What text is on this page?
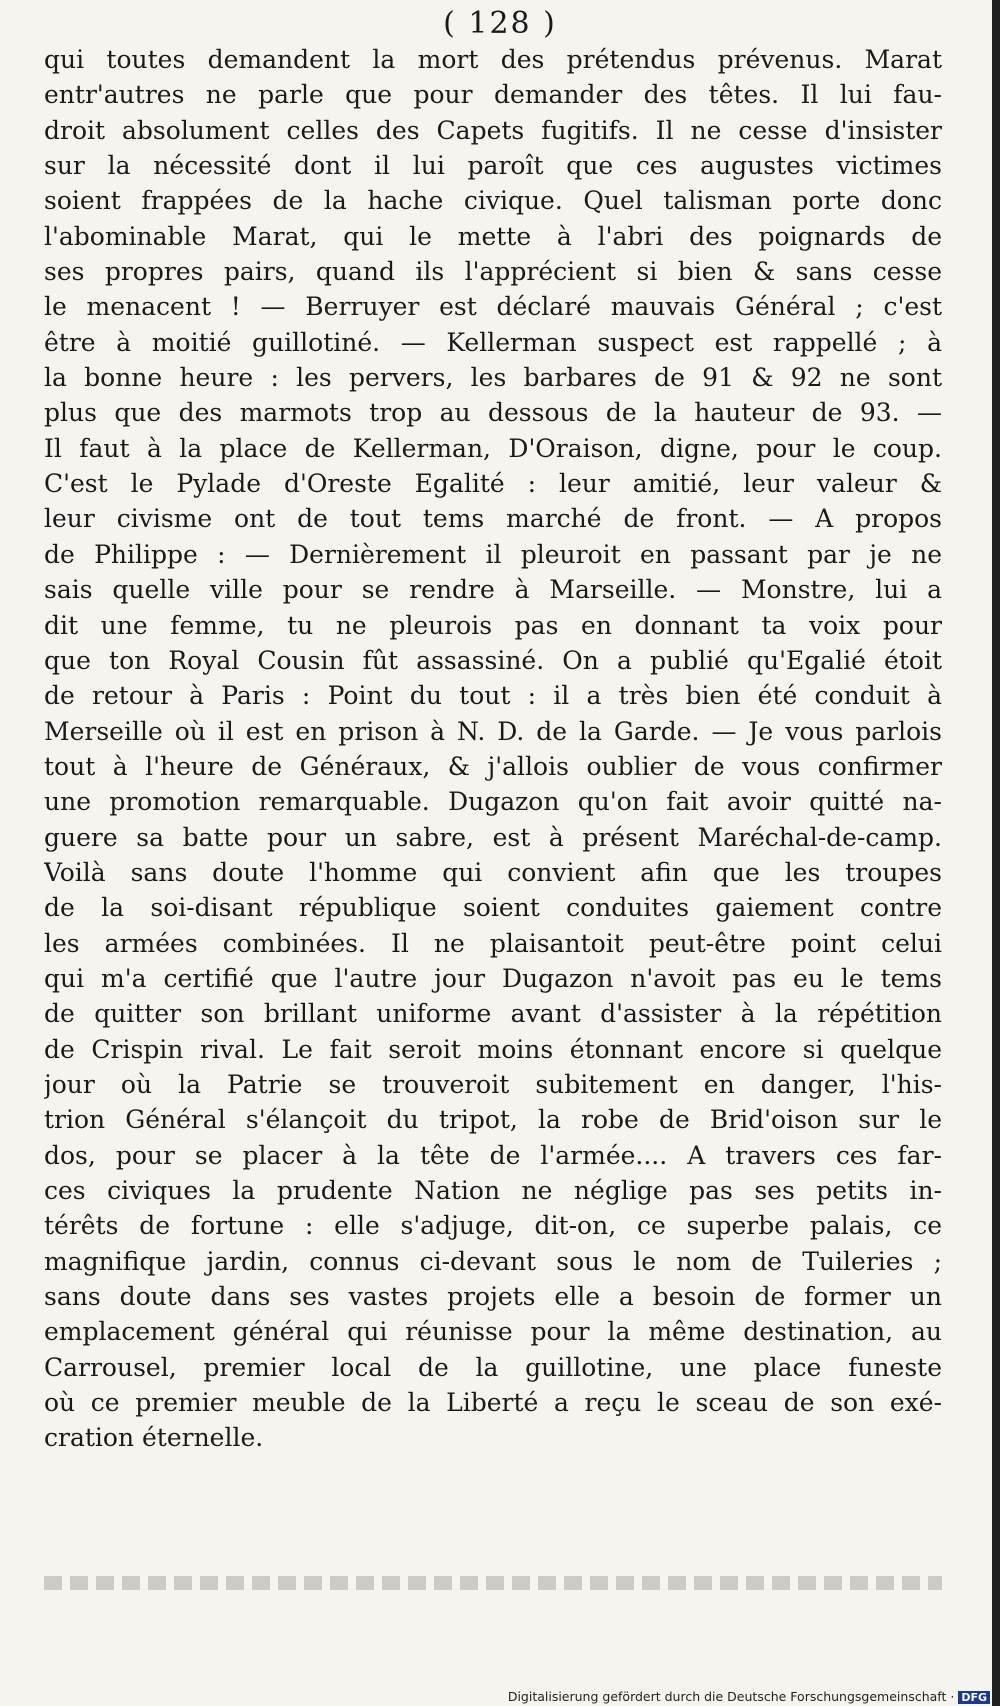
( 128 )
qui toutes demandent la mort des prétendus prévenus. Marat
entr'autres ne parle que pour demander des têtes. Il lui fau-
droit absolument celles des Capets fugitifs. Il ne cesse d'insister
sur la nécessité dont il lui paroît que ces augustes victimes
soient frappées de la hache civique. Quel talisman porte donc
l'abominable Marat, qui le mette à l'abri des poignards de
ses propres pairs, quand ils l'apprécient si bien & sans cesse
le menacent ! — Berruyer est déclaré mauvais Général ; c'est
être à moitié guillotiné. — Kellerman suspect est rappellé ; à
la bonne heure : les pervers, les barbares de 91 & 92 ne sont
plus que des marmots trop au dessous de la hauteur de 93. —
Il faut à la place de Kellerman, D'Oraison, digne, pour le coup.
C'est le Pylade d'Oreste Egalité : leur amitié, leur valeur &
leur civisme ont de tout tems marché de front. — A propos
de Philippe : — Dernièrement il pleuroit en passant par je ne
sais quelle ville pour se rendre à Marseille. — Monstre, lui a
dit une femme, tu ne pleurois pas en donnant ta voix pour
que ton Royal Cousin fût assassiné. On a publié qu'Egalié étoit
de retour à Paris : Point du tout : il a très bien été conduit à
Merseille où il est en prison à N. D. de la Garde. — Je vous parlois
tout à l'heure de Généraux, & j'allois oublier de vous confirmer
une promotion remarquable. Dugazon qu'on fait avoir quitté na-
guere sa batte pour un sabre, est à présent Maréchal-de-camp.
Voilà sans doute l'homme qui convient afin que les troupes
de la soi-disant république soient conduites gaiement contre
les armées combinées. Il ne plaisantoit peut-être point celui
qui m'a certifié que l'autre jour Dugazon n'avoit pas eu le tems
de quitter son brillant uniforme avant d'assister à la répétition
de Crispin rival. Le fait seroit moins étonnant encore si quelque
jour où la Patrie se trouveroit subitement en danger, l'his-
trion Général s'élançoit du tripot, la robe de Brid'oison sur le
dos, pour se placer à la tête de l'armée.... A travers ces far-
ces civiques la prudente Nation ne néglige pas ses petits in-
térêts de fortune : elle s'adjuge, dit-on, ce superbe palais, ce
magnifique jardin, connus ci-devant sous le nom de Tuileries ;
sans doute dans ses vastes projets elle a besoin de former un
emplacement général qui réunisse pour la même destination, au
Carrousel, premier local de la guillotine, une place funeste
où ce premier meuble de la Liberté a reçu le sceau de son exé-
cration éternelle.
Digitalisierung gefördert durch die Deutsche Forschungsgemeinschaft · DFG
